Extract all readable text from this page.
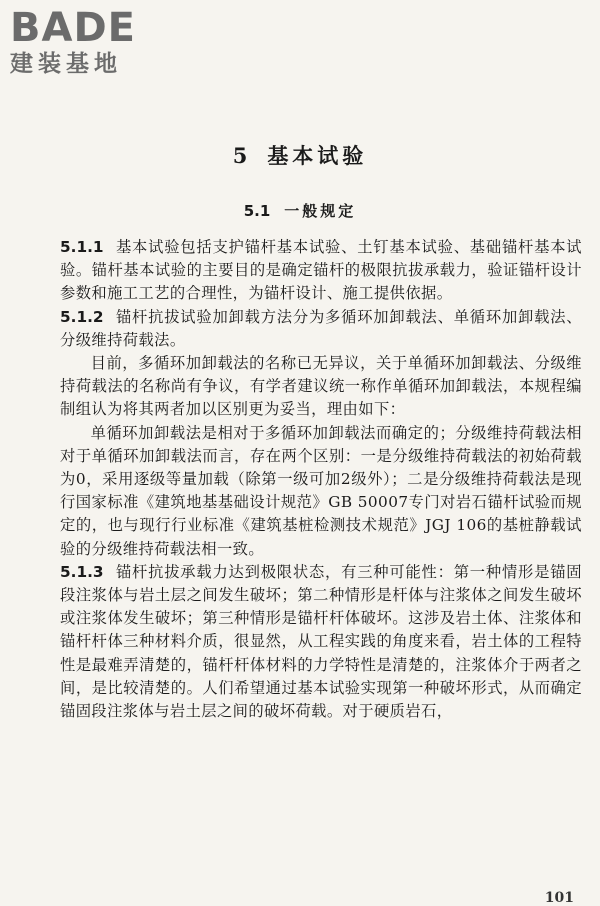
BADE
建装基地
5 基本试验
5.1 一般规定

5.1.1 基本试验包括支护锚杆基本试验、土钉基本试验、基础锚杆基本试验。锚杆基本试验的主要目的是确定锚杆的极限抗拔承载力，验证锚杆设计参数和施工工艺的合理性，为锚杆设计、施工提供依据。

5.1.2 锚杆抗拔试验加卸载方法分为多循环加卸载法、单循环加卸载法、分级维持荷载法。

目前，多循环加卸载法的名称已无异议，关于单循环加卸载法、分级维持荷载法的名称尚有争议，有学者建议统一称作单循环加卸载法，本规程编制组认为将其两者加以区别更为妥当，理由如下：

单循环加卸载法是相对于多循环加卸载法而确定的；分级维持荷载法相对于单循环加卸载法而言，存在两个区别：一是分级维持荷载法的初始荷载为0，采用逐级等量加载（除第一级可加2级外）；二是分级维持荷载法是现行国家标准《建筑地基基础设计规范》GB 50007专门对岩石锚杆试验而规定的，也与现行行业标准《建筑基桩检测技术规范》JGJ 106的基桩静载试验的分级维持荷载法相一致。

5.1.3 锚杆抗拔承载力达到极限状态，有三种可能性：第一种情形是锚固段注浆体与岩土层之间发生破坏；第二种情形是杆体与注浆体之间发生破坏或注浆体发生破坏；第三种情形是锚杆杆体破坏。这涉及岩土体、注浆体和锚杆杆体三种材料介质，很显然，从工程实践的角度来看，岩土体的工程特性是最难弄清楚的，锚杆杆体材料的力学特性是清楚的，注浆体介于两者之间，是比较清楚的。人们希望通过基本试验实现第一种破坏形式，从而确定锚固段注浆体与岩土层之间的破坏荷载。对于硬质岩石，

101
